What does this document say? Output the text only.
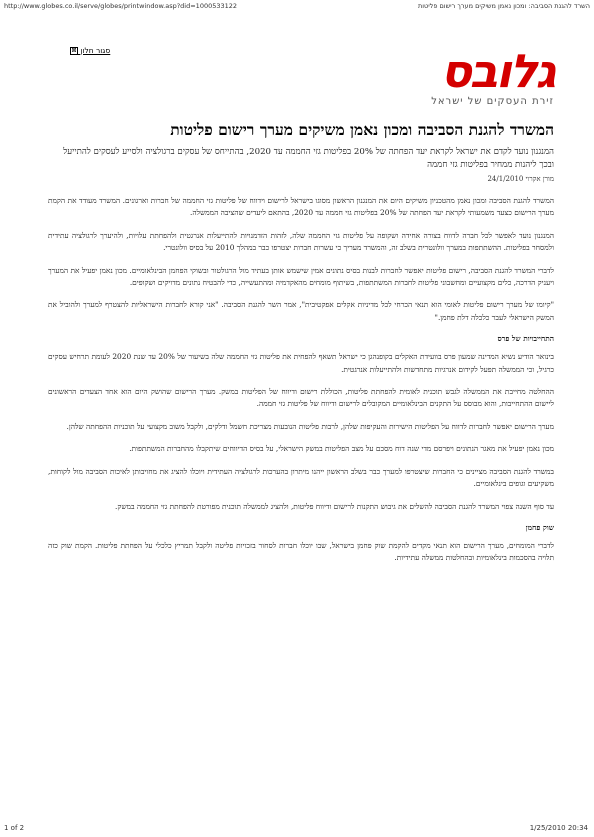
השרד להגנת הסביבה: ומכון נאמן משיקים מערך רישום פליטות
http://www.globes.co.il/serve/globes/printwindow.asp?did=1000533122
סגור חלון ⊠	גלובס
זירת העסקים של ישראל
המשרד להגנת הסביבה ומכון נאמן משיקים מערך רישום פליטות
המנגנון נועד לקדם את ישראל לקראת יעד הפחתה של 20% בפליטות גזי החממה עד 2020, בהתייחס של עסקים ברגולציה ולסייע לעסקים להתייעל ובכך ליהנות ממחיר בפליטות גזי חממה
מורן אקרוי 24/1/2010

המשרד להגנת הסביבה ומכון נאמן מהטכניון משיקים היום את המנגנון הראשון מסוגו בישראל לרישום וידווח של פליטות גזי החממה של חברות וארגונים. המשרד מעודד את הקמת מערך הרישום כצעד משמעותי לקראת יעד הפחתה של 20% בפליטות גזי חממה עד 2020, בהתאם ליעדים שהציבה הממשלה.

המנגנון נועד לאפשר לכל חברה לדווח בצורה אחידה ושקופה על פליטות גזי החממה שלה, לזהות הזדמנויות להתייעלות אנרגטית ולהפחתת עלויות, ולהיערך לרגולציה עתידית ולמסחר בפליטות. ההשתתפות במערך וולונטרית בשלב זה, והמשרד מעריך כי עשרות חברות יצטרפו כבר במהלך 2010 על בסיס וולונטרי.

לדברי המשרד להגנת הסביבה, רישום פליטות יאפשר לחברות לבנות בסיס נתונים אמין שישמש אותן בעתיד מול הרגולטור ובשוקי הפחמן הבינלאומיים. מכון נאמן יפעיל את המערך ויעניק הדרכה, כלים מקצועיים ומחשבוני פליטות לחברות המשתתפות, בשיתוף מומחים מהאקדמיה ומהתעשייה, כדי להבטיח נתונים מדויקים ושקופים.

"קיומו של מערך רישום פליטות לאומי הוא תנאי הכרחי לכל מדיניות אקלים אפקטיבית", אמר השר להגנת הסביבה. "אני קורא לחברות הישראליות להצטרף למערך ולהוביל את המשק הישראלי לעבר כלכלה דלת פחמן."

התחייבויות של פרס

בינואר הודיע נשיא המדינה שמעון פרס בוועידת האקלים בקופנהגן כי ישראל תשאף להפחית את פליטות גזי החממה שלה בשיעור של 20% עד שנת 2020 לעומת תרחיש עסקים כרגיל, וכי הממשלה תפעל לקידום אנרגיות מתחדשות ולהתייעלות אנרגטית.

ההחלטה מחייבת את הממשלה לגבש תוכנית לאומית להפחתת פליטות, הכוללת רישום ודיווח של הפליטות במשק. מערך הרישום שהושק היום הוא אחד הצעדים הראשונים ליישום ההתחייבות, והוא מבוסס על התקנים הבינלאומיים המקובלים לרישום ודיווח של פליטות גזי חממה.

מערך הרישום יאפשר לחברות לדווח על הפליטות הישירות והעקיפות שלהן, לרבות פליטות הנובעות מצריכת חשמל ודלקים, ולקבל משוב מקצועי על תוכניות ההפחתה שלהן.

מכון נאמן יפעיל את מאגר הנתונים ויפרסם מדי שנה דוח מסכם על מצב הפליטות במשק הישראלי, על בסיס הדיווחים שיתקבלו מהחברות המשתתפות.

במשרד להגנת הסביבה מציינים כי החברות שיצטרפו למערך כבר בשלב הראשון ייהנו מיתרון בהערכות לרגולציה העתידית ויוכלו להציג את מחויבותן לאיכות הסביבה מול לקוחות, משקיעים וגופים בינלאומיים.

עד סוף השנה צפוי המשרד להגנת הסביבה להשלים את גיבוש התקנות לרישום ודיווח פליטות, ולהציג לממשלה תוכנית מפורטת להפחתת גזי החממה במשק.

שוק פחמן

לדברי המומחים, מערך הרישום הוא תנאי מקדים להקמת שוק פחמן בישראל, שבו יוכלו חברות לסחור בזכויות פליטה ולקבל תמריץ כלכלי על הפחתת פליטות. הקמת שוק כזה תלויה בהסכמות בינלאומיות ובהחלטות ממשלה עתידיות.

1 of 2	1/25/2010 20:34
